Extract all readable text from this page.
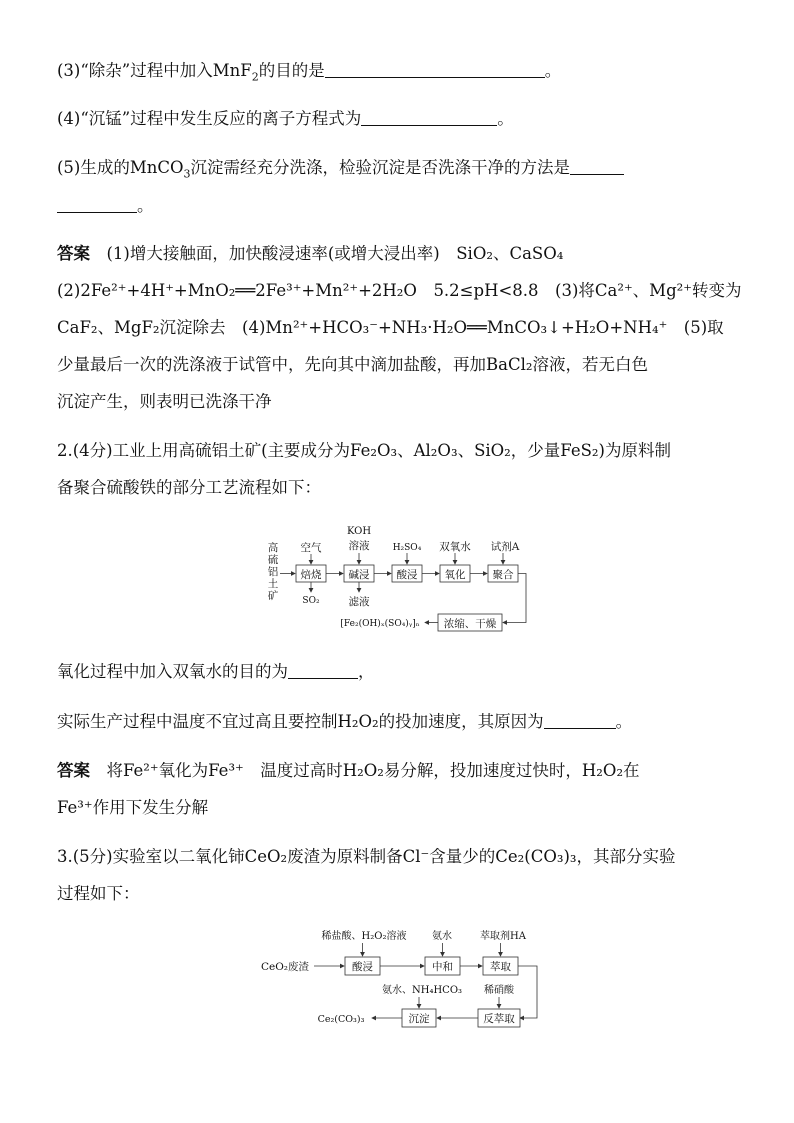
(3)“除杂”过程中加入MnF$_2$的目的是	。
(4)“沉锰”过程中发生反应的离子方程式为	。
(5)生成的MnCO$_3$沉淀需经充分洗涤，检验沉淀是否洗涤干净的方法是
。
答案　 (1)增大接触面，加快酸浸速率(或增大浸出率)　SiO₂、CaSO₄
(2)2Fe²⁺+4H⁺+MnO₂══2Fe³⁺+Mn²⁺+2H₂O　5.2≤pH<8.8　(3)将Ca²⁺、Mg²⁺转变为
CaF₂、MgF₂沉淀除去　(4)Mn²⁺+HCO₃⁻+NH₃·H₂O══MnCO₃↓+H₂O+NH₄⁺　(5)取
少量最后一次的洗涤液于试管中，先向其中滴加盐酸，再加BaCl₂溶液，若无白色
沉淀产生，则表明已洗涤干净
2.(4分)工业上用高硫铝土矿(主要成分为Fe₂O₃、Al₂O₃、SiO₂，少量FeS₂)为原料制
备聚合硫酸铁的部分工艺流程如下：
高
硫
铝
土
矿
焙烧	碱浸	酸浸	氧化	聚合
浓缩、干燥
空气
KOH
溶液	H₂SO₄ 双氧水 试剂A
SO₂	滤液
[Fe₂(OH)ₓ(SO₄)ᵧ]ₙ
氧化过程中加入双氧水的目的为	，
实际生产过程中温度不宜过高且要控制H₂O₂的投加速度，其原因为	。
答案　 将Fe²⁺氧化为Fe³⁺　温度过高时H₂O₂易分解，投加速度过快时，H₂O₂在
Fe³⁺作用下发生分解
3.(5分)实验室以二氧化铈CeO₂废渣为原料制备Cl⁻含量少的Ce₂(CO₃)₃，其部分实验
过程如下：
CeO₂废渣	酸浸	中和	萃取
反萃取
沉淀
Ce₂(CO₃)₃
稀盐酸、H₂O₂溶液	氨水	萃取剂HA
稀硝酸
氨水、NH₄HCO₃
